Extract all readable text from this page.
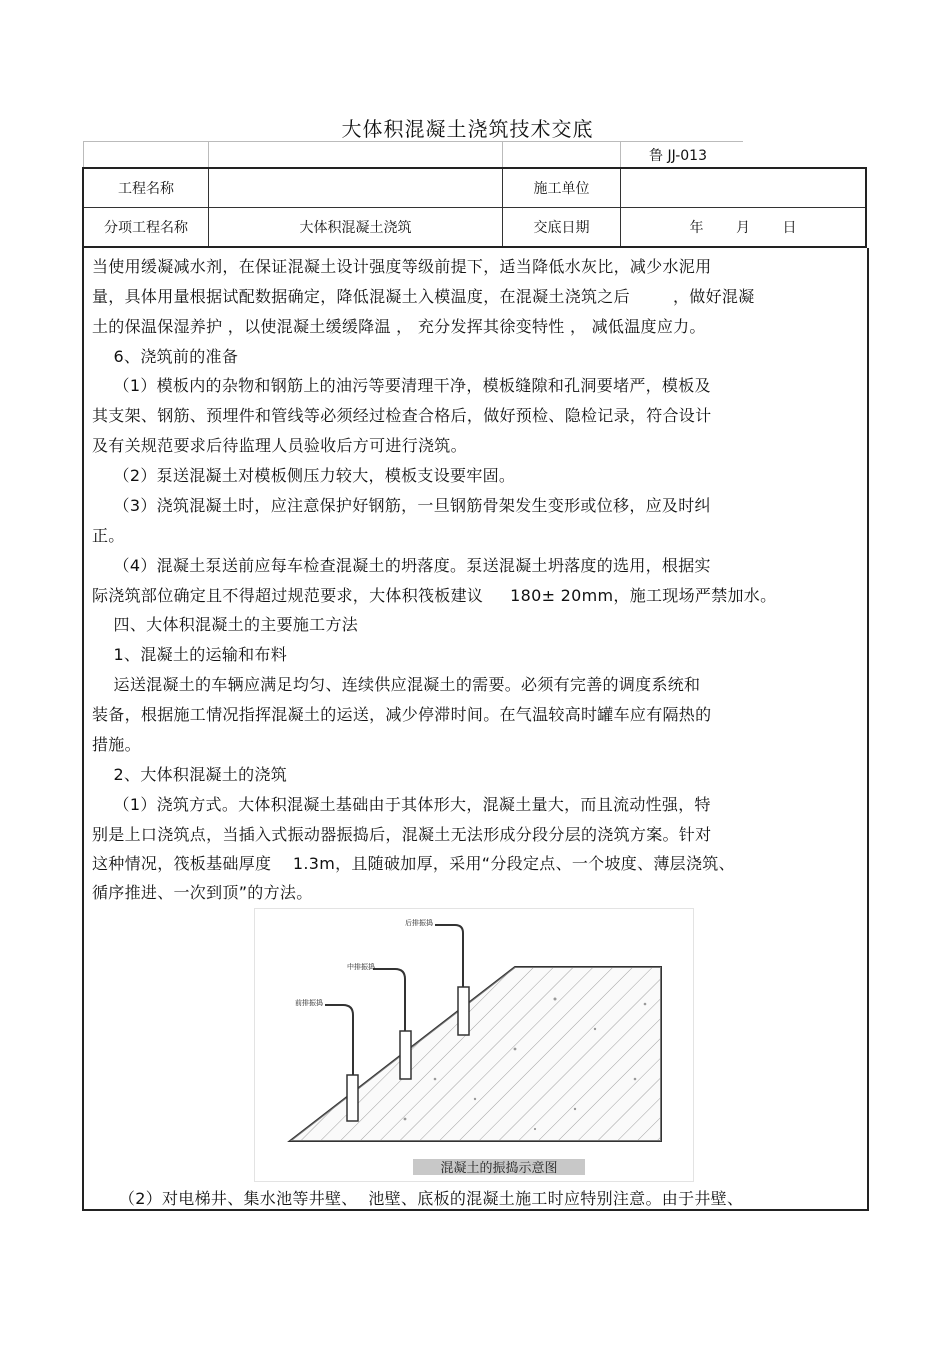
大体积混凝土浇筑技术交底
鲁 JJ-013
工程名称		施工单位	
分项工程名称	大体积混凝土浇筑	交底日期	年 月 日
当使用缓凝减水剂，在保证混凝土设计强度等级前提下，适当降低水灰比，减少水泥用
量，具体用量根据试配数据确定，降低混凝土入模温度，在混凝土浇筑之后        ，做好混凝
土的保温保湿养护 ，以使混凝土缓缓降温 ， 充分发挥其徐变特性 ， 减低温度应力。
6、浇筑前的准备
（1）模板内的杂物和钢筋上的油污等要清理干净，模板缝隙和孔洞要堵严，模板及
其支架、钢筋、预埋件和管线等必须经过检查合格后，做好预检、隐检记录，符合设计
及有关规范要求后待监理人员验收后方可进行浇筑。
（2）泵送混凝土对模板侧压力较大，模板支设要牢固。
（3）浇筑混凝土时，应注意保护好钢筋，一旦钢筋骨架发生变形或位移，应及时纠
正。
（4）混凝土泵送前应每车检查混凝土的坍落度。泵送混凝土坍落度的选用，根据实
际浇筑部位确定且不得超过规范要求，大体积筏板建议     180± 20mm，施工现场严禁加水。
四、大体积混凝土的主要施工方法
1、混凝土的运输和布料
运送混凝土的车辆应满足均匀、连续供应混凝土的需要。必须有完善的调度系统和
装备，根据施工情况指挥混凝土的运送，减少停滞时间。在气温较高时罐车应有隔热的
措施。
2、大体积混凝土的浇筑
（1）浇筑方式。大体积混凝土基础由于其体形大，混凝土量大，而且流动性强，特
别是上口浇筑点，当插入式振动器振捣后，混凝土无法形成分段分层的浇筑方案。针对
这种情况，筏板基础厚度    1.3m，且随破加厚，采用“分段定点、一个坡度、薄层浇筑、
循序推进、一次到顶”的方法。
后排振捣
中排振捣
前排振捣
混凝土的振捣示意图
（2）对电梯井、集水池等井壁、  池壁、底板的混凝土施工时应特别注意。由于井壁、
